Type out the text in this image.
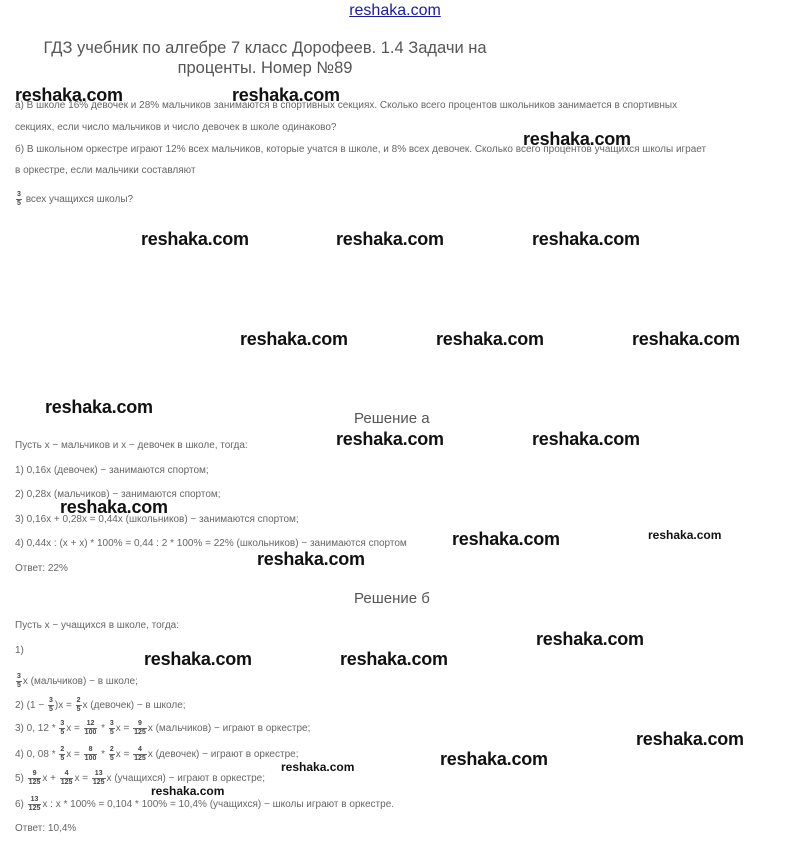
reshaka.com
ГДЗ учебник по алгебре 7 класс Дорофеев. 1.4 Задачи на проценты. Номер №89
а) В школе 16% девочек и 28% мальчиков занимаются в спортивных секциях. Сколько всего процентов школьников занимается в спортивных
секциях, если число мальчиков и число девочек в школе одинаково?
б) В школьном оркестре играют 12% всех мальчиков, которые учатся в школе, и 8% всех девочек. Сколько всего процентов учащихся школы играет
в оркестре, если мальчики составляют
$\frac{3}{5}$ всех учащихся школы?
Решение а
Пусть x − мальчиков и x − девочек в школе, тогда:
1) 0,16x (девочек) − занимаются спортом;
2) 0,28x (мальчиков) − занимаются спортом;
3) 0,16x + 0,28x = 0,44x (школьников) − занимаются спортом;
4) 0,44x : (x + x) * 100% = 0,44 : 2 * 100% = 22% (школьников) − занимаются спортом
Ответ: 22%
Решение б
Пусть x − учащихся в школе, тогда:
1)
$\frac{3}{5}$ x (мальчиков) − в школе;
2) $(1 - \frac{3}{5} )x = \frac{2}{5}$ x (девочек) − в школе;
3) 0, $12 * \frac{3}{5}$ $x = \frac{12}{100} * \frac{3}{5}$ $x = \frac{9}{125}$ x (мальчиков) − играют в оркестре;
4) 0, $08 * \frac{2}{5}$ $x = \frac{8}{100} * \frac{2}{5}$ $x = \frac{4}{125}$ x (девочек) − играют в оркестре;
$5) \frac{9}{125}$ $x + \frac{4}{125}$ $x = \frac{13}{125}$ x (учащихся) − играют в оркестре;
$6) \frac{13}{125}$ x : x * 100% = 0,104 * 100% = 10,4% (учащихся) − школы играют в оркестре.
Ответ: 10,4%
reshaka.com	reshaka.com
reshaka.com
reshaka.com	reshaka.com	reshaka.com
reshaka.com	reshaka.com	reshaka.com
reshaka.com
reshaka.com	reshaka.com
reshaka.com
reshaka.com	reshaka.com
reshaka.com
reshaka.com
reshaka.com	reshaka.com
reshaka.com
reshaka.com
reshaka.com
reshaka.com
